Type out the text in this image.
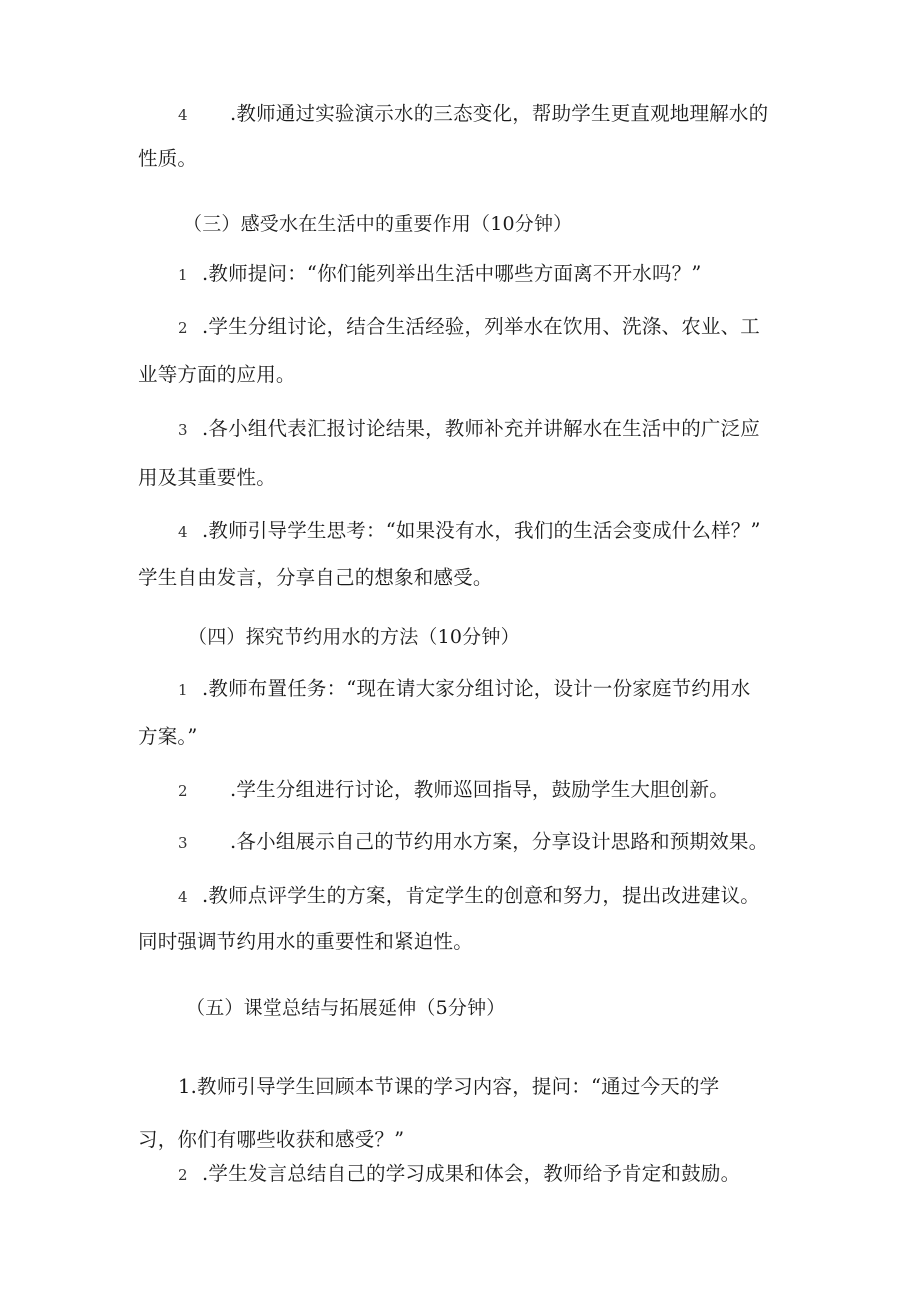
4 .教师通过实验演示水的三态变化，帮助学生更直观地理解水的
性质。
（三）感受水在生活中的重要作用（10分钟）
1 .教师提问：“你们能列举出生活中哪些方面离不开水吗？”
2 .学生分组讨论，结合生活经验，列举水在饮用、洗涤、农业、工
业等方面的应用。
3 .各小组代表汇报讨论结果，教师补充并讲解水在生活中的广泛应
用及其重要性。
4 .教师引导学生思考：“如果没有水，我们的生活会变成什么样？”
学生自由发言，分享自己的想象和感受。
（四）探究节约用水的方法（10分钟）
1 .教师布置任务：“现在请大家分组讨论，设计一份家庭节约用水
方案。”
2 .学生分组进行讨论，教师巡回指导，鼓励学生大胆创新。
3 .各小组展示自己的节约用水方案，分享设计思路和预期效果。
4 .教师点评学生的方案，肯定学生的创意和努力，提出改进建议。
同时强调节约用水的重要性和紧迫性。
（五）课堂总结与拓展延伸（5分钟）
1.教师引导学生回顾本节课的学习内容，提问：“通过今天的学
习，你们有哪些收获和感受？”
2 .学生发言总结自己的学习成果和体会，教师给予肯定和鼓励。
